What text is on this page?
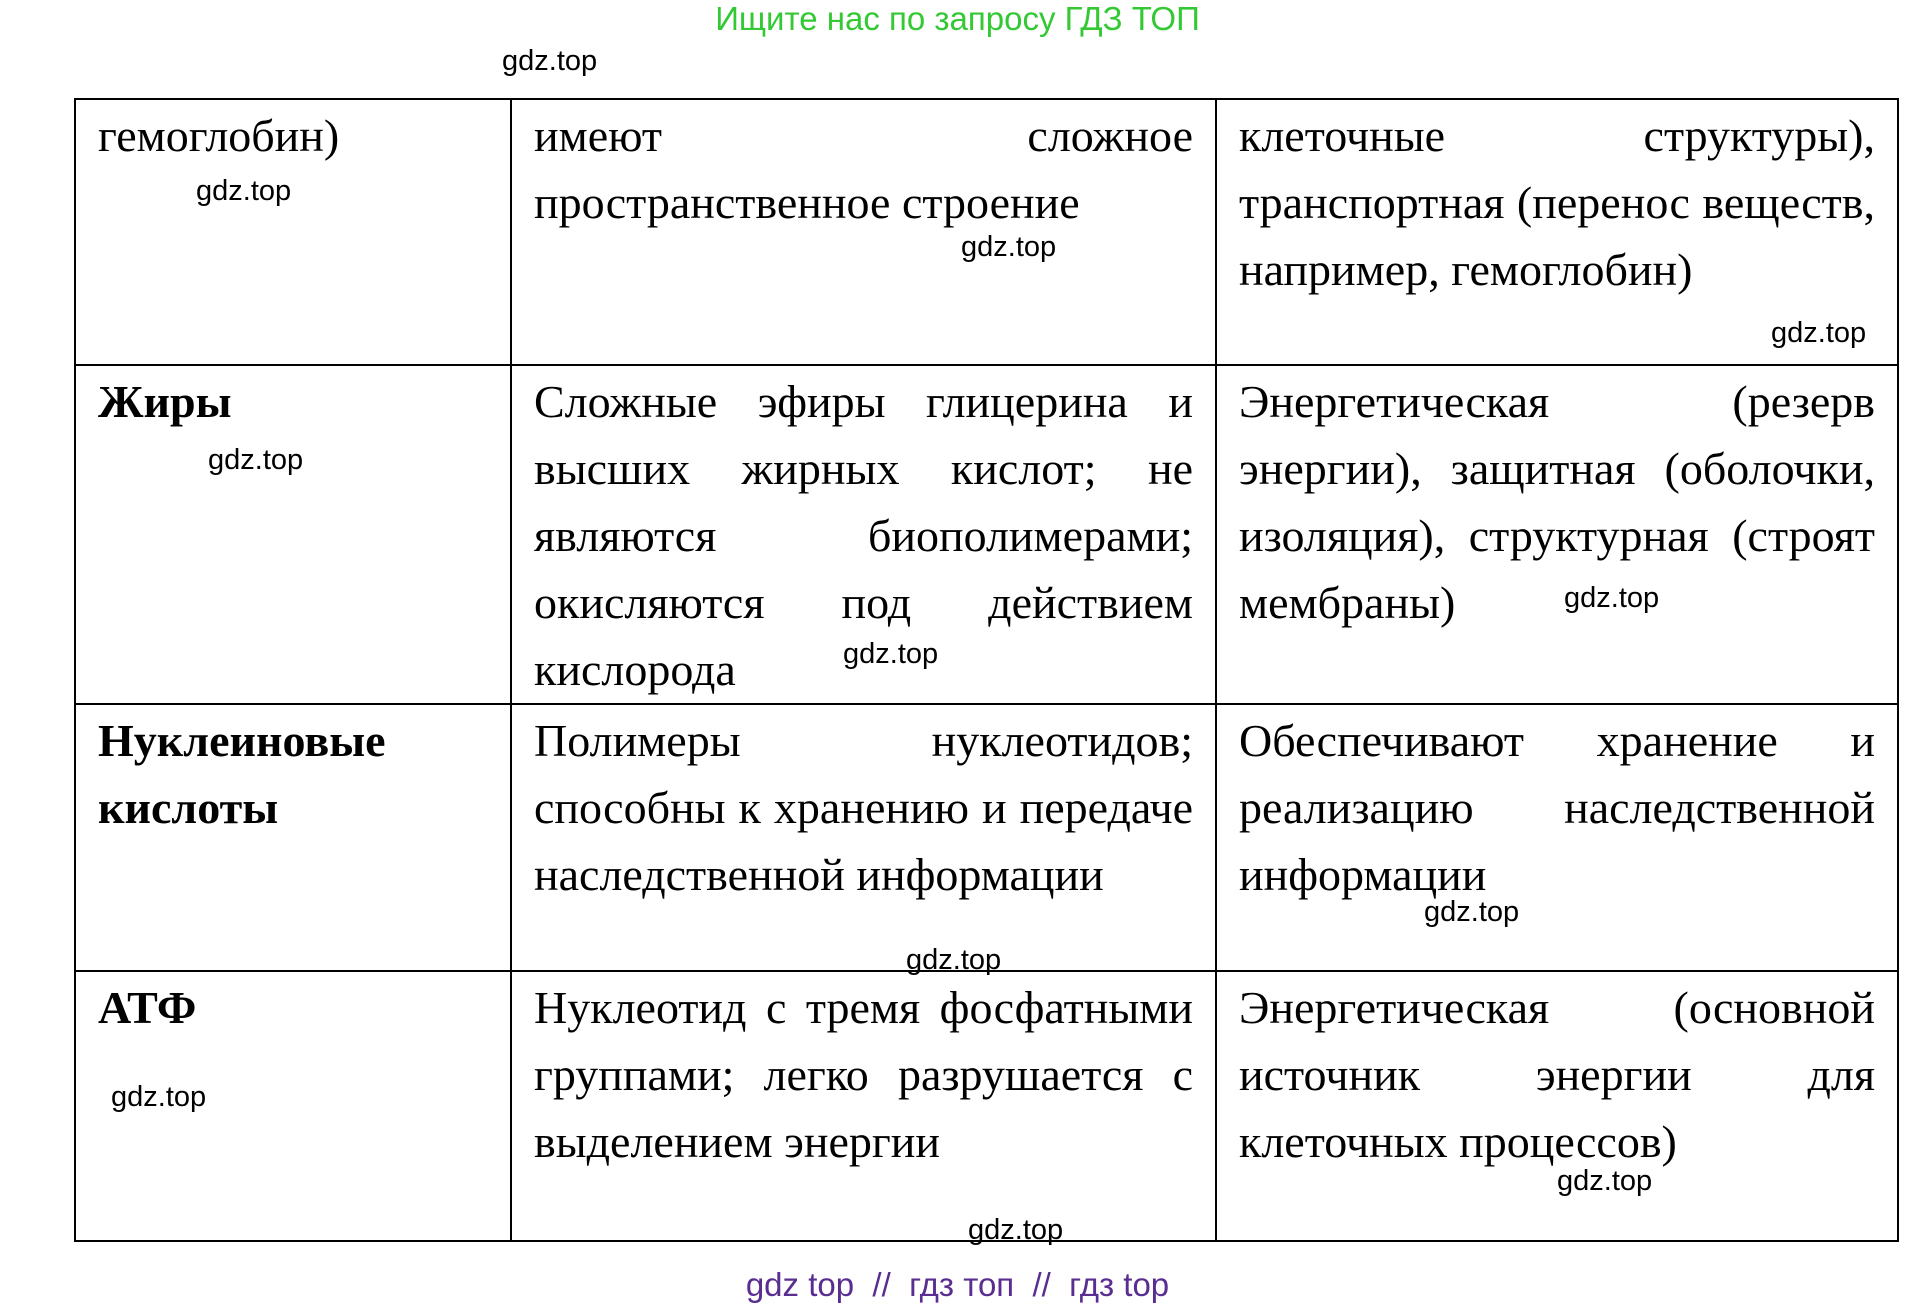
Ищите нас по запросу ГДЗ ТОП
гемоглобин)	имеют сложное пространственное строение	клеточные структуры), транспортная (перенос веществ, например, гемоглобин)

Жиры	Сложные эфиры глицерина и высших жирных кислот; не являются биополимерами; окисляются под действием кислорода	Энергетическая (резерв энергии), защитная (оболочки, изоляция), структурная (строят мембраны)

Нуклеиновые кислоты	Полимеры нуклеотидов; способны к хранению и передаче наследственной информации	Обеспечивают хранение и реализацию наследственной информации

АТФ	Нуклеотид с тремя фосфатными группами; легко разрушается с выделением энергии	Энергетическая (основной источник энергии для клеточных процессов)
gdz.top
gdz.top
gdz.top
gdz.top
gdz.top
gdz.top
gdz.top
gdz.top
gdz.top
gdz.top
gdz.top
gdz.top
gdz top  //  гдз топ  //  гдз top
